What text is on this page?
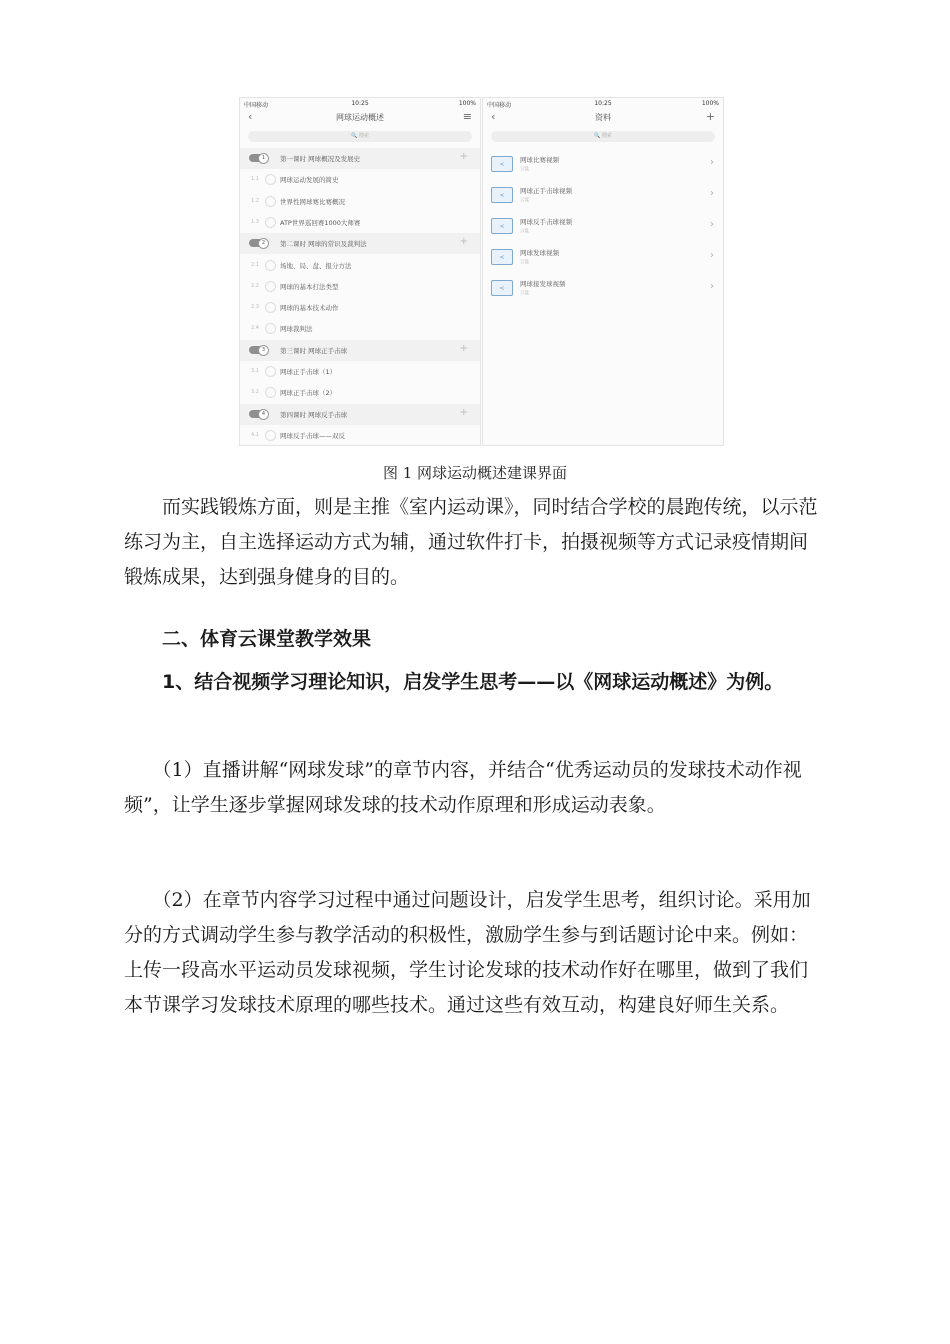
中国移动	10:25	100%
‹	网球运动概述	≡
🔍 搜索
1	第一课时 网球概况及发展史	+
1.1	网球运动发展的简史
1.2	世界性网球赛比赛概况
1.3	ATP世界巡回赛1000大师赛
2	第二课时 网球的常识及裁判法	+
2.1	场地、局、盘、报分方法
2.2	网球的基本打法类型
2.3	网球的基本技术动作
2.4	网球裁判法
3	第三课时 网球正手击球	+
3.1	网球正手击球（1）
3.2	网球正手击球（2）
4	第四课时 网球反手击球	+
4.1	网球反手击球——双反
中国移动	10:25	100%
‹	资料	+
🔍 搜索
<
网球比赛视频
云盘
›
<
网球正手击球视频
云盘
›
<
网球反手击球视频
云盘
›
<
网球发球视频
云盘
›
<
网球接发球视频
云盘
›
图 1 网球运动概述建课界面

　　而实践锻炼方面，则是主推《室内运动课》，同时结合学校的晨跑传统，以示范练习为主，自主选择运动方式为辅，通过软件打卡，拍摄视频等方式记录疫情期间锻炼成果，达到强身健身的目的。

　　二、体育云课堂教学效果

　　1、结合视频学习理论知识，启发学生思考——以《网球运动概述》为例。

　　（1）直播讲解“网球发球”的章节内容，并结合“优秀运动员的发球技术动作视频”，让学生逐步掌握网球发球的技术动作原理和形成运动表象。

　　（2）在章节内容学习过程中通过问题设计，启发学生思考，组织讨论。采用加分的方式调动学生参与教学活动的积极性，激励学生参与到话题讨论中来。例如：上传一段高水平运动员发球视频，学生讨论发球的技术动作好在哪里，做到了我们本节课学习发球技术原理的哪些技术。通过这些有效互动，构建良好师生关系。
